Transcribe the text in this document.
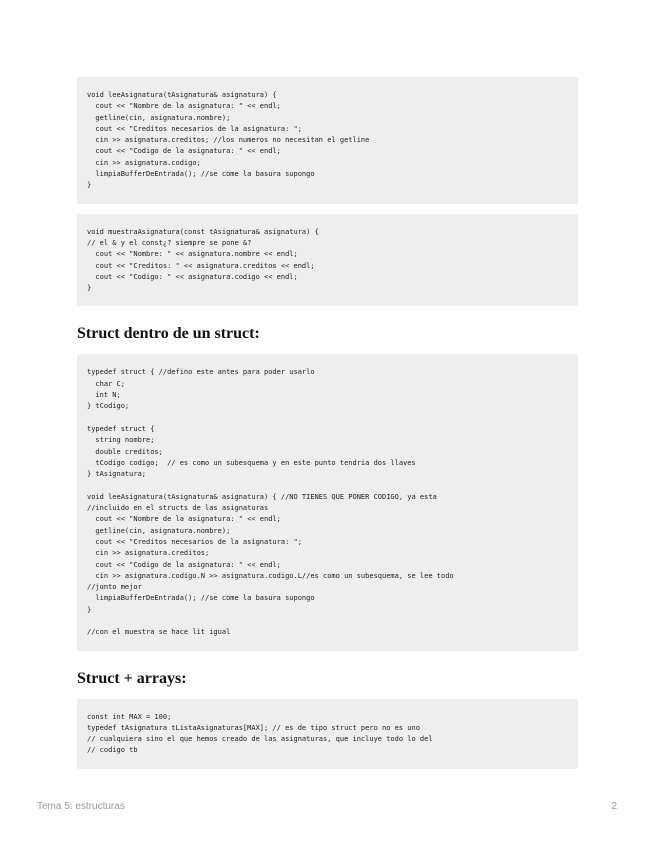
void leeAsignatura(tAsignatura& asignatura) {
cout << "Nombre de la asignatura: " << endl;
getline(cin, asignatura.nombre);
cout << "Creditos necesarios de la asignatura: ";
cin >> asignatura.creditos; //los numeros no necesitan el getline
cout << "Codigo de la asignatura: " << endl;
cin >> asignatura.codigo;
limpiaBufferDeEntrada(); //se come la basura supongo
}
void muestraAsignatura(const tAsignatura& asignatura) {
// el & y el const¿? siempre se pone &?
cout << "Nombre: " << asignatura.nombre << endl;
cout << "Creditos: " << asignatura.creditos << endl;
cout << "Codigo: " << asignatura.codigo << endl;
}
Struct dentro de un struct:
typedef struct { //defino este antes para poder usarlo
char C;
int N;
} tCodigo;
typedef struct {
string nombre;
double creditos;
tCodigo codigo;  // es como un subesquema y en este punto tendria dos llaves
} tAsignatura;
void leeAsignatura(tAsignatura& asignatura) { //NO TIENES QUE PONER CODIGO, ya esta
//incluido en el structs de las asignaturas
cout << "Nombre de la asignatura: " << endl;
getline(cin, asignatura.nombre);
cout << "Creditos necesarios de la asignatura: ";
cin >> asignatura.creditos;
cout << "Codigo de la asignatura: " << endl;
cin >> asignatura.codigo.N >> asignatura.codigo.L//es como un subesquema, se lee todo
//junto mejor
limpiaBufferDeEntrada(); //se come la basura supongo
}
//con el muestra se hace lit igual
Struct + arrays:
const int MAX = 100;
typedef tAsignatura tListaAsignaturas[MAX]; // es de tipo struct pero no es uno
// cualquiera sino el que hemos creado de las asignaturas, que incluye todo lo del
// codigo tb
Tema 5: estructuras	2
